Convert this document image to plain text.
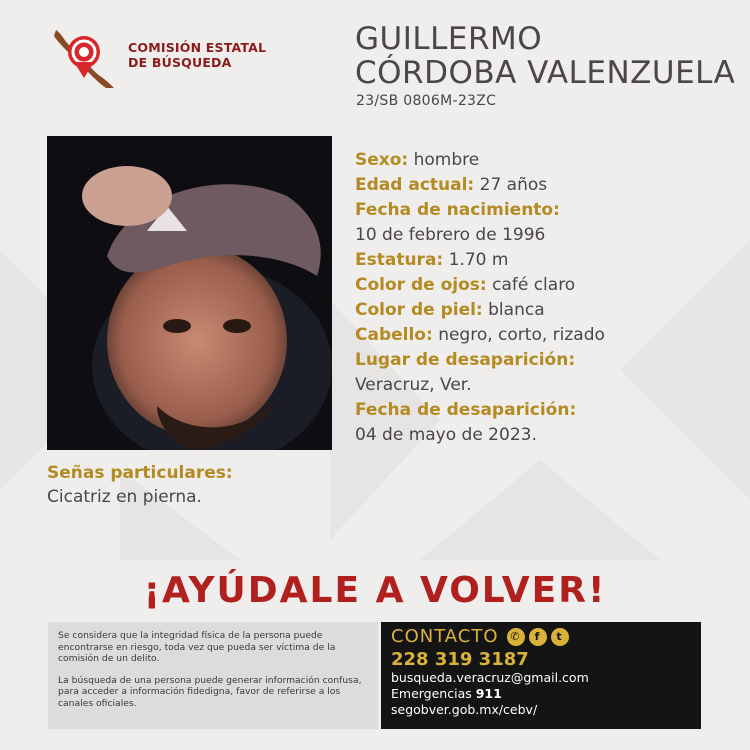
COMISIÓN ESTATAL
DE BÚSQUEDA
GUILLERMO
CÓRDOBA VALENZUELA
23/SB 0806M-23ZC
Sexo: hombre
Edad actual: 27 años
Fecha de nacimiento:
10 de febrero de 1996
Estatura: 1.70 m
Color de ojos: café claro
Color de piel: blanca
Cabello: negro, corto, rizado
Lugar de desaparición:
Veracruz, Ver.
Fecha de desaparición:
04 de mayo de 2023.
Señas particulares:
Cicatriz en pierna.
¡AYÚDALE A VOLVER!

Se considera que la integridad física de la persona puede encontrarse en riesgo, toda vez que pueda ser víctima de la comisión de un delito.

La búsqueda de una persona puede generar información confusa, para acceder a información fidedigna, favor de referirse a los canales oficiales.

CONTACTO	✆	f	t
228 319 3187
busqueda.veracruz@gmail.com
Emergencias 911
segobver.gob.mx/cebv/
